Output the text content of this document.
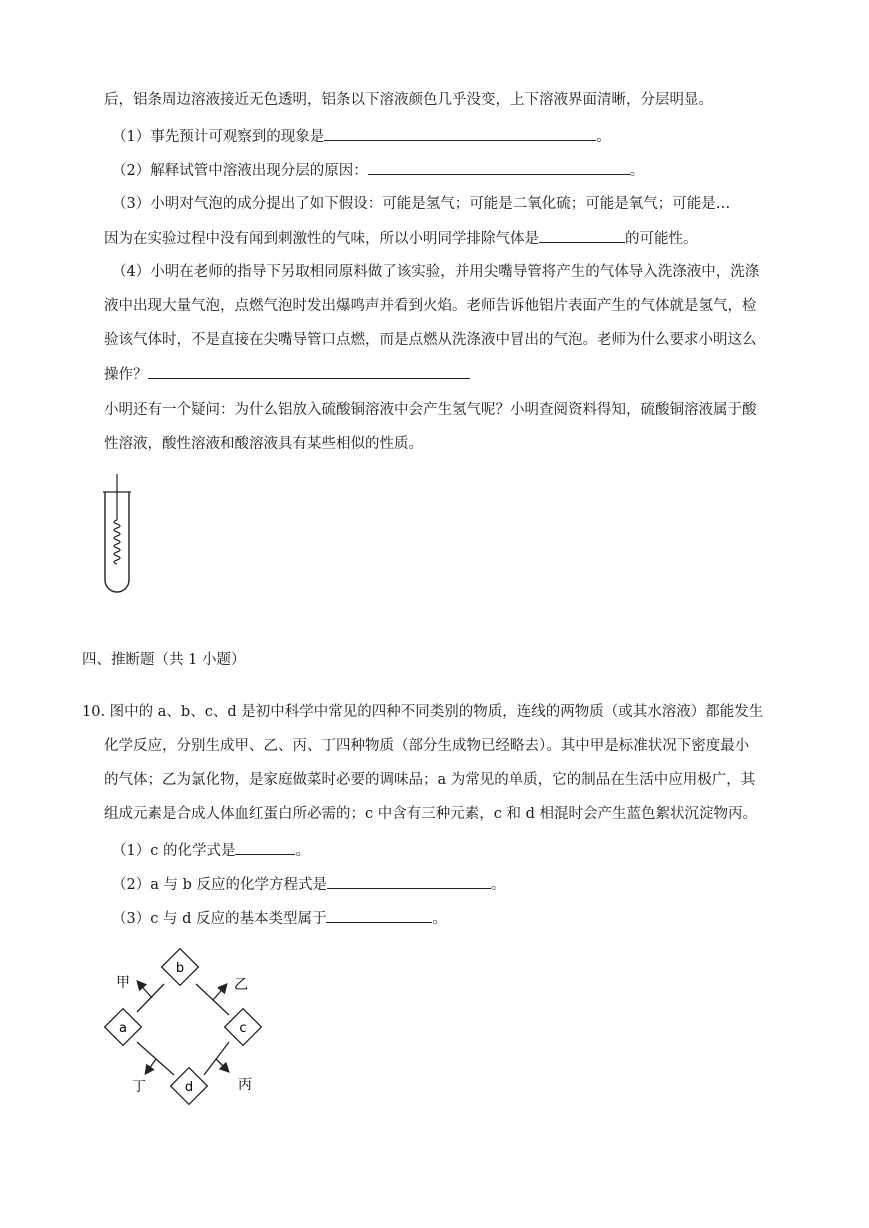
后，铝条周边溶液接近无色透明，铝条以下溶液颜色几乎没变，上下溶液界面清晰，分层明显。
（1）事先预计可观察到的现象是	。
（2）解释试管中溶液出现分层的原因：	。
（3）小明对气泡的成分提出了如下假设：可能是氢气；可能是二氧化硫；可能是氧气；可能是…
因为在实验过程中没有闻到刺激性的气味，所以小明同学排除气体是	的可能性。
（4）小明在老师的指导下另取相同原料做了该实验，并用尖嘴导管将产生的气体导入洗涤液中，洗涤
液中出现大量气泡，点燃气泡时发出爆鸣声并看到火焰。老师告诉他铝片表面产生的气体就是氢气，检
验该气体时，不是直接在尖嘴导管口点燃，而是点燃从洗涤液中冒出的气泡。老师为什么要求小明这么
操作？
小明还有一个疑问：为什么铝放入硫酸铜溶液中会产生氢气呢？小明查阅资料得知，硫酸铜溶液属于酸
性溶液，酸性溶液和酸溶液具有某些相似的性质。
四、推断题（共 1 小题）
10. 图中的 a、b、c、d 是初中科学中常见的四种不同类别的物质，连线的两物质（或其水溶液）都能发生
化学反应，分别生成甲、乙、丙、丁四种物质（部分生成物已经略去）。其中甲是标准状况下密度最小
的气体；乙为氯化物，是家庭做菜时必要的调味品；a 为常见的单质，它的制品在生活中应用极广，其
组成元素是合成人体血红蛋白所必需的；c 中含有三种元素，c 和 d 相混时会产生蓝色絮状沉淀物丙。
（1）c 的化学式是	。
（2）a 与 b 反应的化学方程式是	。
（3）c 与 d 反应的基本类型属于	。
b
a	c
d
甲	乙
丁	丙
